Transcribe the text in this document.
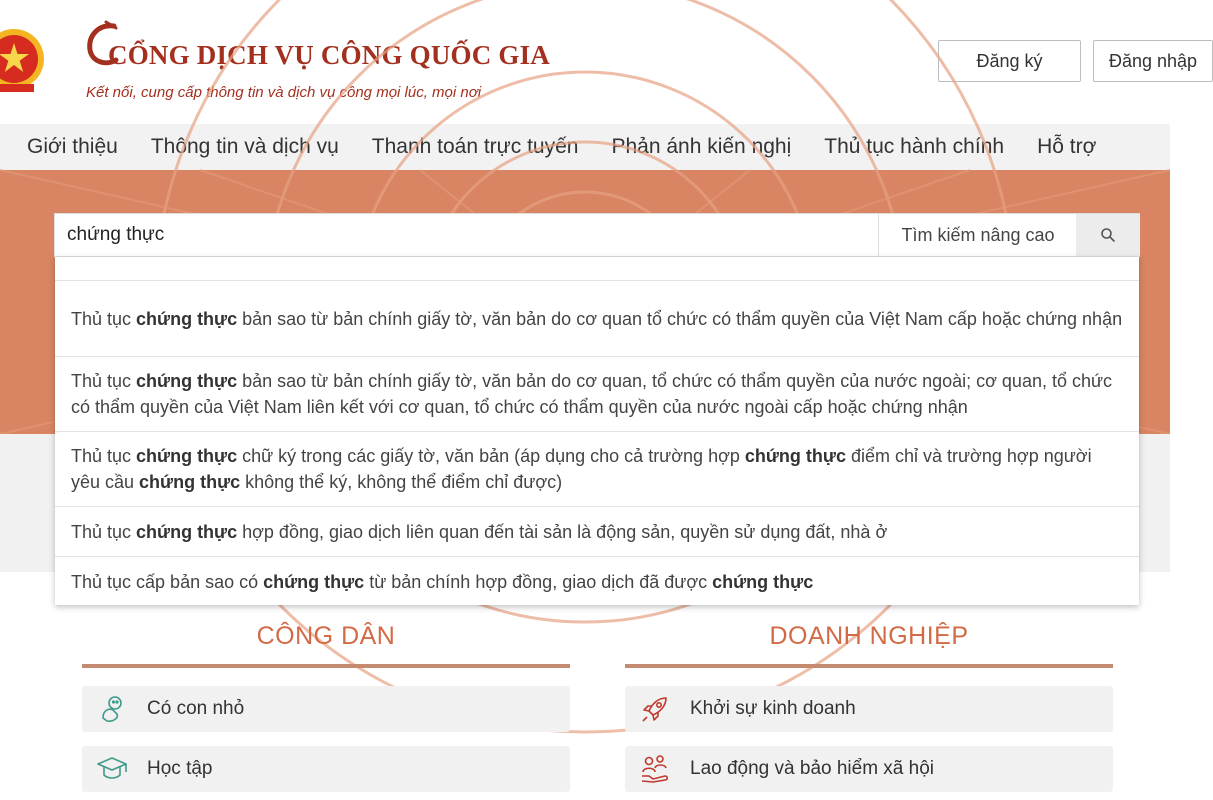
CỔNG DỊCH VỤ CÔNG QUỐC GIA
Kết nối, cung cấp thông tin và dịch vụ công mọi lúc, mọi nơi
Đăng ký	Đăng nhập
Giới thiệu Thông tin và dịch vụ Thanh toán trực tuyến Phản ánh kiến nghị Thủ tục hành chính Hỗ trợ
chứng thực
Tìm kiếm nâng cao
Thủ tục chứng thực bản sao từ bản chính giấy tờ, văn bản do cơ quan tổ chức có thẩm quyền của Việt Nam cấp hoặc chứng nhận
Thủ tục chứng thực bản sao từ bản chính giấy tờ, văn bản do cơ quan, tổ chức có thẩm quyền của nước ngoài; cơ quan, tổ chức có thẩm quyền của Việt Nam liên kết với cơ quan, tổ chức có thẩm quyền của nước ngoài cấp hoặc chứng nhận
Thủ tục chứng thực chữ ký trong các giấy tờ, văn bản (áp dụng cho cả trường hợp chứng thực điểm chỉ và trường hợp người yêu cầu chứng thực không thể ký, không thể điểm chỉ được)
Thủ tục chứng thực hợp đồng, giao dịch liên quan đến tài sản là động sản, quyền sử dụng đất, nhà ở
Thủ tục cấp bản sao có chứng thực từ bản chính hợp đồng, giao dịch đã được chứng thực
CÔNG DÂN	DOANH NGHIỆP
Có con nhỏ
Học tập
Khởi sự kinh doanh
Lao động và bảo hiểm xã hội
